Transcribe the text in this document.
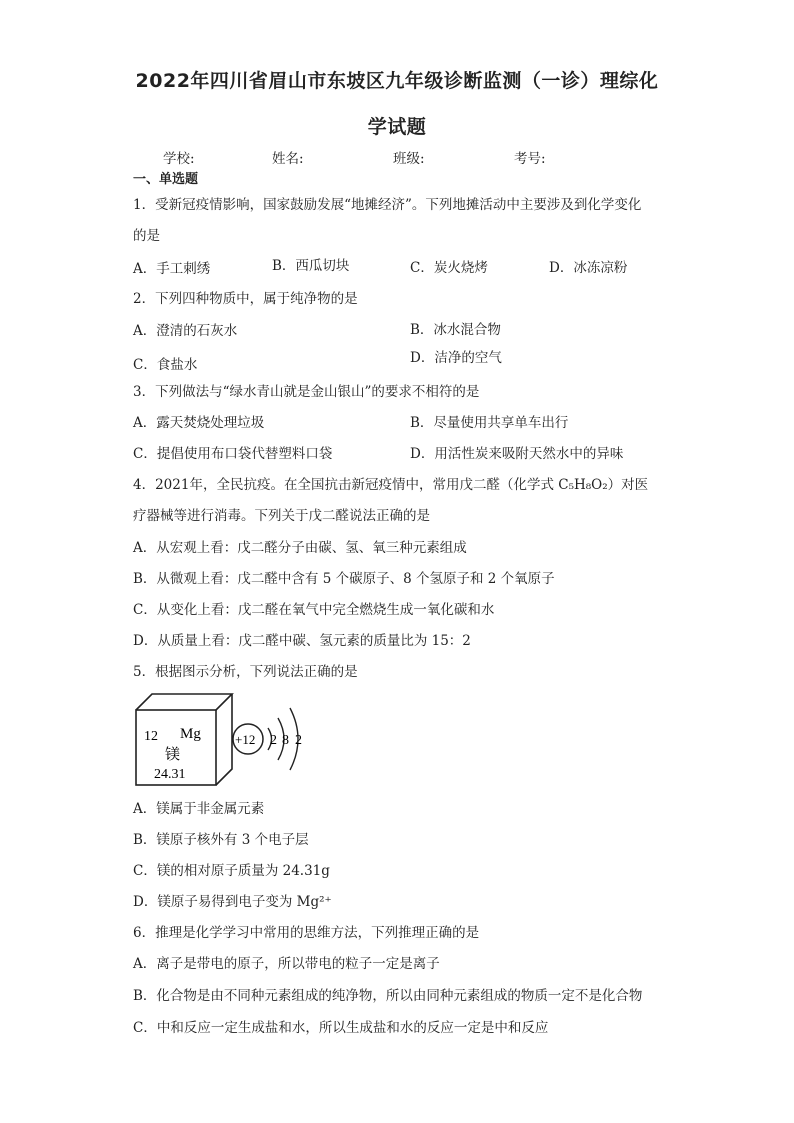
2022年四川省眉山市东坡区九年级诊断监测（一诊）理综化
学试题
学校:	姓名:	班级:	考号:
一、单选题
1．受新冠疫情影响，国家鼓励发展“地摊经济”。下列地摊活动中主要涉及到化学变化
的是
A．手工刺绣	B．西瓜切块	C．炭火烧烤	D．冰冻凉粉
2．下列四种物质中，属于纯净物的是
A．澄清的石灰水	B．冰水混合物
C．食盐水	D．洁净的空气
3．下列做法与“绿水青山就是金山银山”的要求不相符的是
A．露天焚烧处理垃圾	B．尽量使用共享单车出行
C．提倡使用布口袋代替塑料口袋	D．用活性炭来吸附天然水中的异味
4．2021年，全民抗疫。在全国抗击新冠疫情中，常用戊二醛（化学式 C₅H₈O₂）对医
疗器械等进行消毒。下列关于戊二醛说法正确的是
A．从宏观上看：戊二醛分子由碳、氢、氧三种元素组成
B．从微观上看：戊二醛中含有 5 个碳原子、8 个氢原子和 2 个氧原子
C．从变化上看：戊二醛在氧气中完全燃烧生成一氧化碳和水
D．从质量上看：戊二醛中碳、氢元素的质量比为 15：2
5．根据图示分析，下列说法正确的是
12 Mg
镁
24.31
+12 2 8 2
A．镁属于非金属元素
B．镁原子核外有 3 个电子层
C．镁的相对原子质量为 24.31g
D．镁原子易得到电子变为 Mg²⁺
6．推理是化学学习中常用的思维方法，下列推理正确的是
A．离子是带电的原子，所以带电的粒子一定是离子
B．化合物是由不同种元素组成的纯净物，所以由同种元素组成的物质一定不是化合物
C．中和反应一定生成盐和水，所以生成盐和水的反应一定是中和反应
